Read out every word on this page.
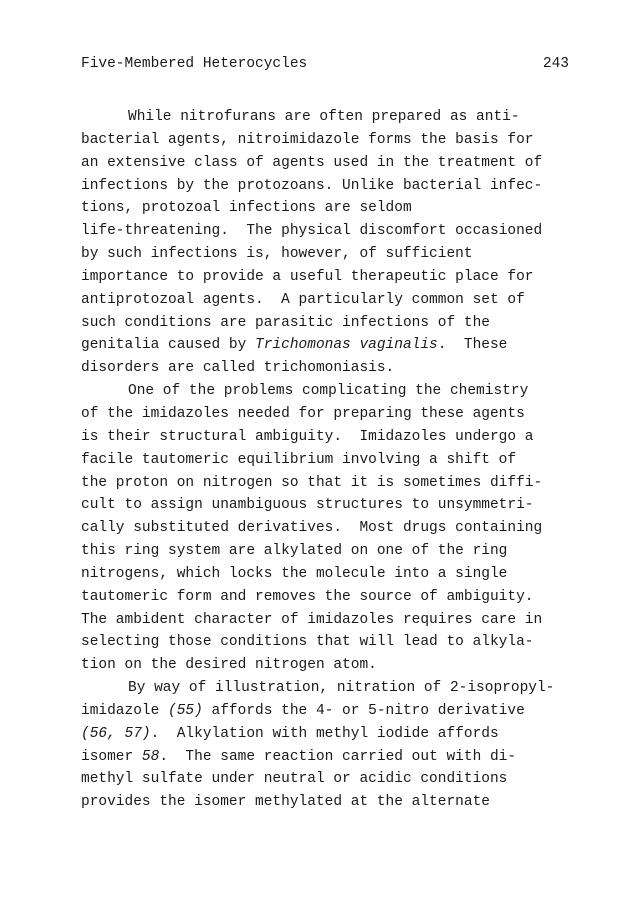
Five-Membered Heterocycles	243
While nitrofurans are often prepared as anti-
bacterial agents, nitroimidazole forms the basis for
an extensive class of agents used in the treatment of
infections by the protozoans. Unlike bacterial infec-
tions, protozoal infections are seldom
life-threatening.  The physical discomfort occasioned
by such infections is, however, of sufficient
importance to provide a useful therapeutic place for
antiprotozoal agents.  A particularly common set of
such conditions are parasitic infections of the
genitalia caused by Trichomonas vaginalis.  These
disorders are called trichomoniasis.
One of the problems complicating the chemistry
of the imidazoles needed for preparing these agents
is their structural ambiguity.  Imidazoles undergo a
facile tautomeric equilibrium involving a shift of
the proton on nitrogen so that it is sometimes diffi-
cult to assign unambiguous structures to unsymmetri-
cally substituted derivatives.  Most drugs containing
this ring system are alkylated on one of the ring
nitrogens, which locks the molecule into a single
tautomeric form and removes the source of ambiguity.
The ambident character of imidazoles requires care in
selecting those conditions that will lead to alkyla-
tion on the desired nitrogen atom.
By way of illustration, nitration of 2-isopropyl-
imidazole (55) affords the 4- or 5-nitro derivative
(56, 57).  Alkylation with methyl iodide affords
isomer 58.  The same reaction carried out with di-
methyl sulfate under neutral or acidic conditions
provides the isomer methylated at the alternate
